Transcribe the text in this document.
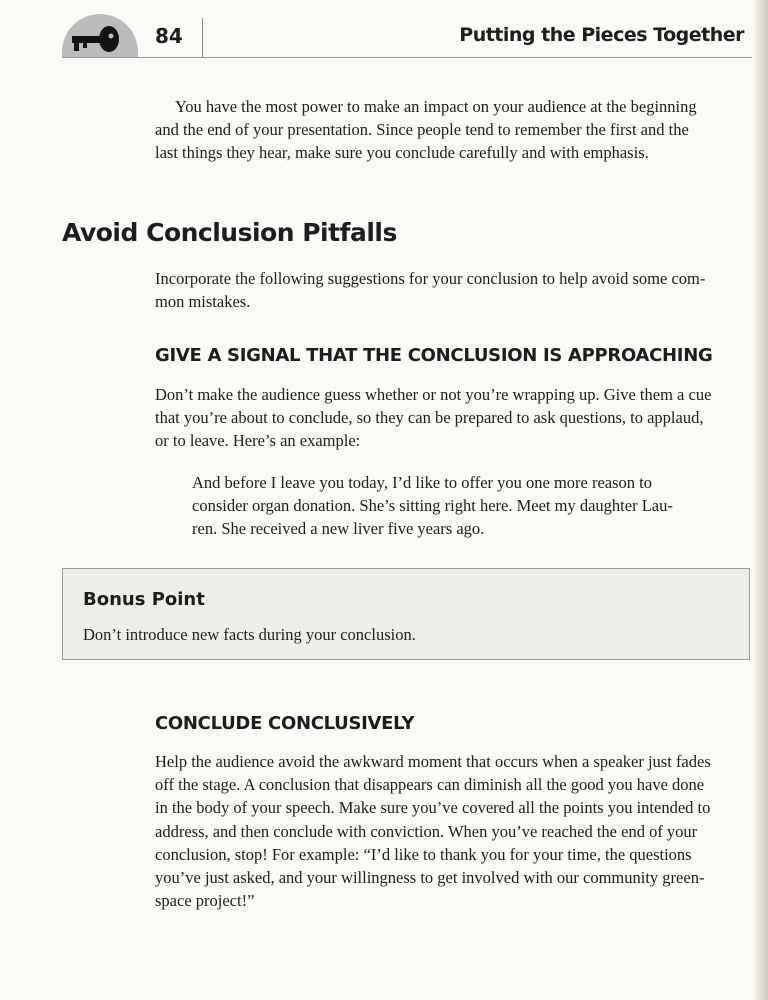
84	Putting the Pieces Together
You have the most power to make an impact on your audience at the beginning
and the end of your presentation. Since people tend to remember the first and the
last things they hear, make sure you conclude carefully and with emphasis.
Avoid Conclusion Pitfalls
Incorporate the following suggestions for your conclusion to help avoid some com-
mon mistakes.
GIVE A SIGNAL THAT THE CONCLUSION IS APPROACHING
Don’t make the audience guess whether or not you’re wrapping up. Give them a cue
that you’re about to conclude, so they can be prepared to ask questions, to applaud,
or to leave. Here’s an example:
And before I leave you today, I’d like to offer you one more reason to
consider organ donation. She’s sitting right here. Meet my daughter Lau-
ren. She received a new liver five years ago.
Bonus Point
Don’t introduce new facts during your conclusion.
CONCLUDE CONCLUSIVELY
Help the audience avoid the awkward moment that occurs when a speaker just fades
off the stage. A conclusion that disappears can diminish all the good you have done
in the body of your speech. Make sure you’ve covered all the points you intended to
address, and then conclude with conviction. When you’ve reached the end of your
conclusion, stop! For example: “I’d like to thank you for your time, the questions
you’ve just asked, and your willingness to get involved with our community green-
space project!”
